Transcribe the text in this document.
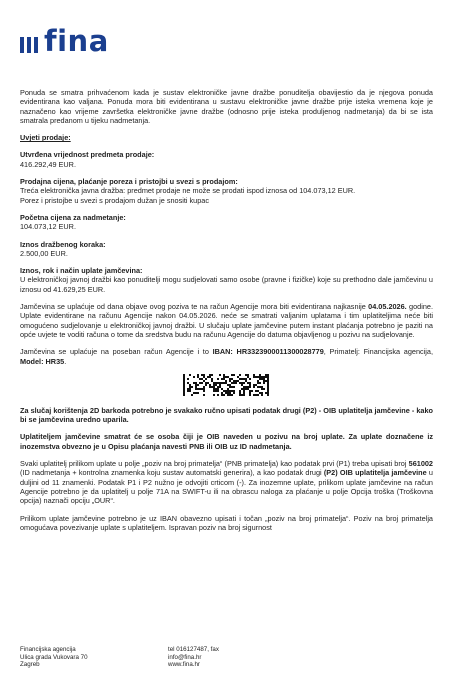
fina

Ponuda se smatra prihvaćenom kada je sustav elektroničke javne dražbe ponuditelja obavijestio da je njegova ponuda evidentirana kao valjana. Ponuda mora biti evidentirana u sustavu elektroničke javne dražbe prije isteka vremena koje je naznačeno kao vrijeme završetka elektroničke javne dražbe (odnosno prije isteka produljenog nadmetanja) da bi se ista smatrala predanom u tijeku nadmetanja.

Uvjeti prodaje:
Utvrđena vrijednost predmeta prodaje:
416.292,49 EUR.
Prodajna cijena, plaćanje poreza i pristojbi u svezi s prodajom:
Treća elektronička javna dražba: predmet prodaje ne može se prodati ispod iznosa od 104.073,12 EUR.
Porez i pristojbe u svezi s prodajom dužan je snositi kupac
Početna cijena za nadmetanje:
104.073,12 EUR.
Iznos dražbenog koraka:
2.500,00 EUR.
Iznos, rok i način uplate jamčevina:
U elektroničkoj javnoj dražbi kao ponuditelji mogu sudjelovati samo osobe (pravne i fizičke) koje su prethodno dale jamčevinu u iznosu od 41.629,25 EUR.

Jamčevina se uplaćuje od dana objave ovog poziva te na račun Agencije mora biti evidentirana najkasnije 04.05.2026. godine. Uplate evidentirane na računu Agencije nakon 04.05.2026. neće se smatrati valjanim uplatama i tim uplatiteljima neće biti omogućeno sudjelovanje u elektroničkoj javnoj dražbi. U slučaju uplate jamčevine putem instant plaćanja potrebno je paziti na opće uvjete te voditi računa o tome da sredstva budu na računu Agencije do datuma objavljenog u pozivu na sudjelovanje.

Jamčevina se uplaćuje na poseban račun Agencije i to IBAN: HR3323900011300028779, Primatelj: Financijska agencija, Model: HR35.

Za slučaj korištenja 2D barkoda potrebno je svakako ručno upisati podatak drugi (P2) - OIB uplatitelja jamčevine - kako bi se jamčevina uredno uparila.

Uplatiteljem jamčevine smatrat će se osoba čiji je OIB naveden u pozivu na broj uplate. Za uplate doznačene iz inozemstva obvezno je u Opisu plaćanja navesti PNB ili OIB uz ID nadmetanja.

Svaki uplatitelj prilikom uplate u polje „poziv na broj primatelja“ (PNB primatelja) kao podatak prvi (P1) treba upisati broj 561002 (ID nadmetanja + kontrolna znamenka koju sustav automatski generira), a kao podatak drugi (P2) OIB uplatitelja jamčevine u duljini od 11 znamenki. Podatak P1 i P2 nužno je odvojiti crticom (-). Za inozemne uplate, prilikom uplate jamčevine na račun Agencije potrebno je da uplatitelj u polje 71A na SWIFT-u ili na obrascu naloga za plaćanje u polje Opcija troška (Troškovna opcija) naznači opciju „OUR“.

Prilikom uplate jamčevine potrebno je uz IBAN obavezno upisati i točan „poziv na broj primatelja“. Poziv na broj primatelja omogućava povezivanje uplate s uplatiteljem. Ispravan poziv na broj sigurnost

Financijska agencija
Ulica grada Vukovara 70
Zagreb
tel 016127487, fax
info@fina.hr
www.fina.hr
